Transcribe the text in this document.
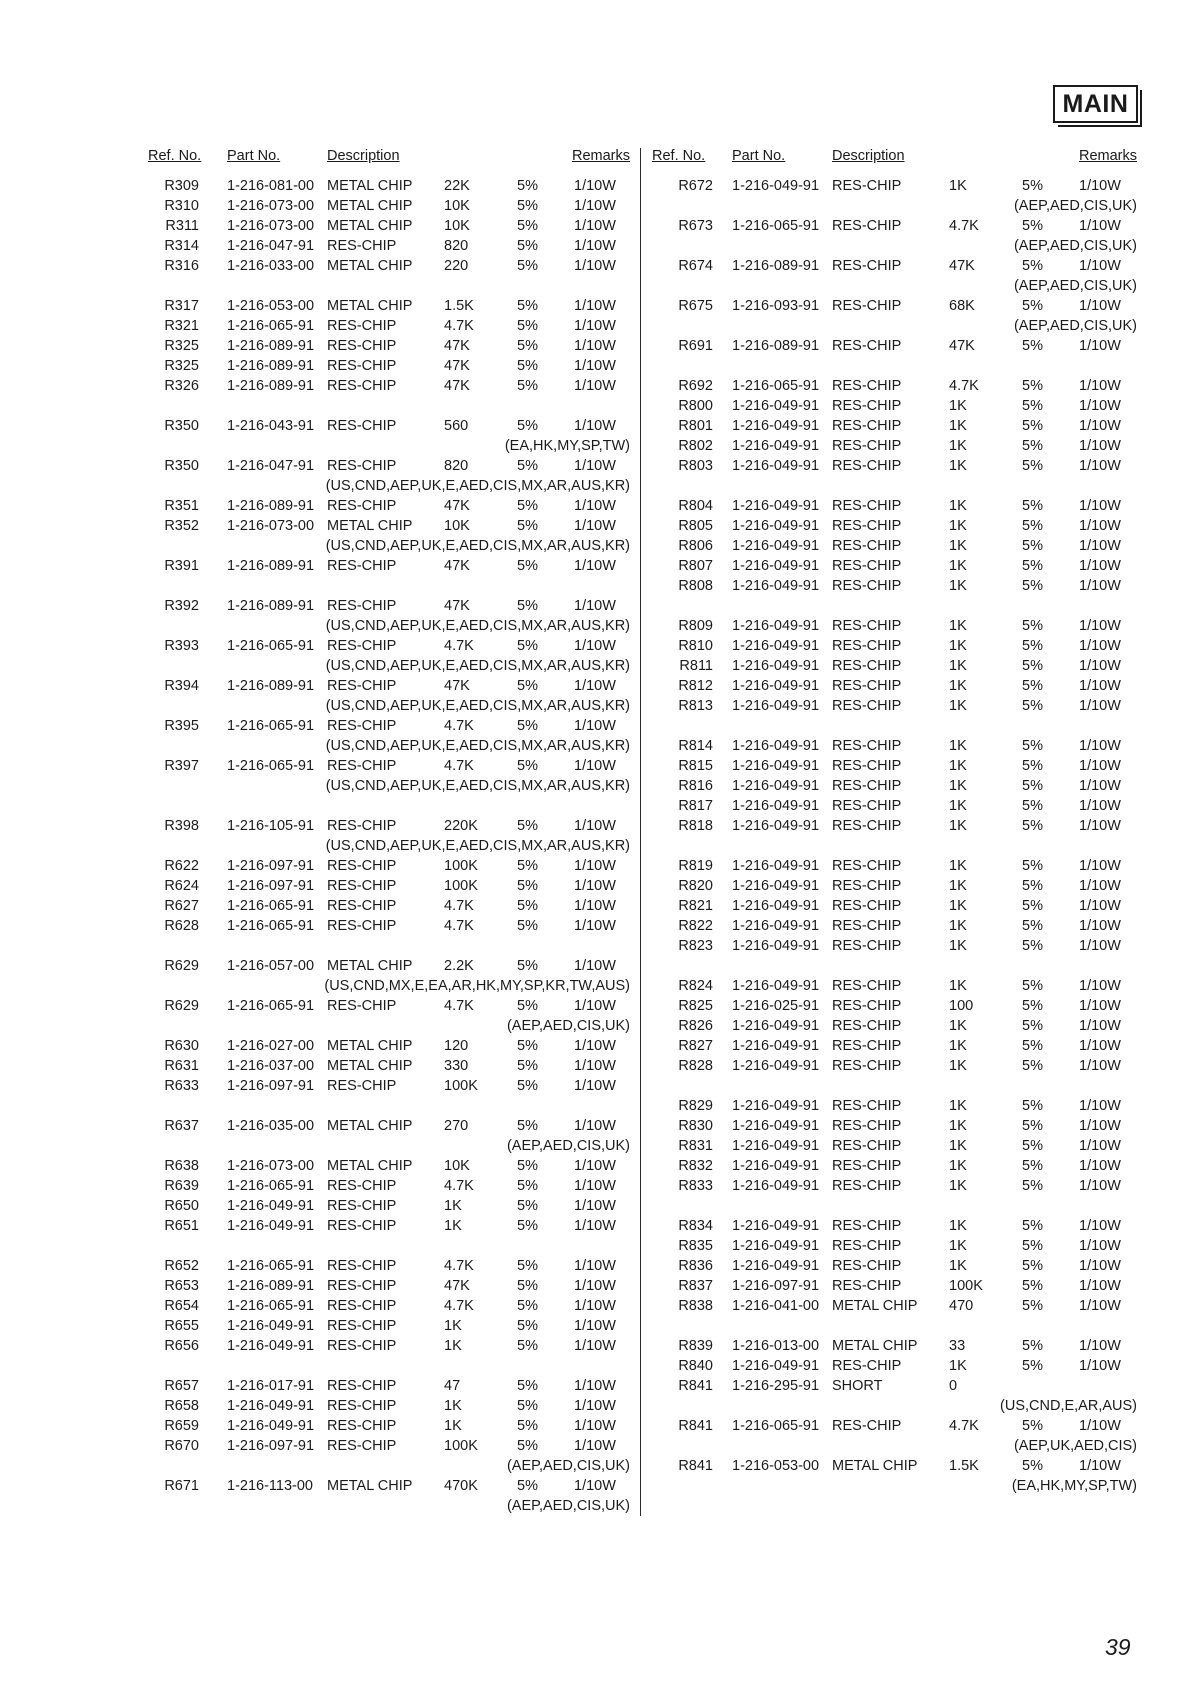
MAIN
Ref. No. Part No.	Description	Remarks
R309 1-216-081-00 METAL CHIP 22K	5% 1/10W
R310 1-216-073-00 METAL CHIP 10K	5% 1/10W
R311 1-216-073-00 METAL CHIP 10K	5% 1/10W
R314 1-216-047-91 RES-CHIP	820	5% 1/10W
R316 1-216-033-00 METAL CHIP 220	5% 1/10W
R317 1-216-053-00 METAL CHIP 1.5K	5% 1/10W
R321 1-216-065-91 RES-CHIP	4.7K	5% 1/10W
R325 1-216-089-91 RES-CHIP	47K	5% 1/10W
R325 1-216-089-91 RES-CHIP	47K	5% 1/10W
R326 1-216-089-91 RES-CHIP	47K	5% 1/10W
R350 1-216-043-91 RES-CHIP	560	5% 1/10W
(EA,HK,MY,SP,TW)
R350 1-216-047-91 RES-CHIP	820	5% 1/10W
(US,CND,AEP,UK,E,AED,CIS,MX,AR,AUS,KR)
R351 1-216-089-91 RES-CHIP	47K	5% 1/10W
R352 1-216-073-00 METAL CHIP 10K	5% 1/10W
(US,CND,AEP,UK,E,AED,CIS,MX,AR,AUS,KR)
R391 1-216-089-91 RES-CHIP	47K	5% 1/10W
R392 1-216-089-91 RES-CHIP	47K	5% 1/10W
(US,CND,AEP,UK,E,AED,CIS,MX,AR,AUS,KR)
R393 1-216-065-91 RES-CHIP	4.7K	5% 1/10W
(US,CND,AEP,UK,E,AED,CIS,MX,AR,AUS,KR)
R394 1-216-089-91 RES-CHIP	47K	5% 1/10W
(US,CND,AEP,UK,E,AED,CIS,MX,AR,AUS,KR)
R395 1-216-065-91 RES-CHIP	4.7K	5% 1/10W
(US,CND,AEP,UK,E,AED,CIS,MX,AR,AUS,KR)
R397 1-216-065-91 RES-CHIP	4.7K	5% 1/10W
(US,CND,AEP,UK,E,AED,CIS,MX,AR,AUS,KR)
R398 1-216-105-91 RES-CHIP	220K	5% 1/10W
(US,CND,AEP,UK,E,AED,CIS,MX,AR,AUS,KR)
R622 1-216-097-91 RES-CHIP	100K	5% 1/10W
R624 1-216-097-91 RES-CHIP	100K	5% 1/10W
R627 1-216-065-91 RES-CHIP	4.7K	5% 1/10W
R628 1-216-065-91 RES-CHIP	4.7K	5% 1/10W
R629 1-216-057-00 METAL CHIP 2.2K	5% 1/10W
(US,CND,MX,E,EA,AR,HK,MY,SP,KR,TW,AUS)
R629 1-216-065-91 RES-CHIP	4.7K	5% 1/10W
(AEP,AED,CIS,UK)
R630 1-216-027-00 METAL CHIP 120	5% 1/10W
R631 1-216-037-00 METAL CHIP 330	5% 1/10W
R633 1-216-097-91 RES-CHIP	100K	5% 1/10W
R637 1-216-035-00 METAL CHIP 270	5% 1/10W
(AEP,AED,CIS,UK)
R638 1-216-073-00 METAL CHIP 10K	5% 1/10W
R639 1-216-065-91 RES-CHIP	4.7K	5% 1/10W
R650 1-216-049-91 RES-CHIP	1K	5% 1/10W
R651 1-216-049-91 RES-CHIP	1K	5% 1/10W
R652 1-216-065-91 RES-CHIP	4.7K	5% 1/10W
R653 1-216-089-91 RES-CHIP	47K	5% 1/10W
R654 1-216-065-91 RES-CHIP	4.7K	5% 1/10W
R655 1-216-049-91 RES-CHIP	1K	5% 1/10W
R656 1-216-049-91 RES-CHIP	1K	5% 1/10W
R657 1-216-017-91 RES-CHIP	47	5% 1/10W
R658 1-216-049-91 RES-CHIP	1K	5% 1/10W
R659 1-216-049-91 RES-CHIP	1K	5% 1/10W
R670 1-216-097-91 RES-CHIP	100K	5% 1/10W
(AEP,AED,CIS,UK)
R671 1-216-113-00 METAL CHIP 470K	5% 1/10W
(AEP,AED,CIS,UK)
Ref. No. Part No.	Description	Remarks
R672 1-216-049-91 RES-CHIP	1K	5% 1/10W
(AEP,AED,CIS,UK)
R673 1-216-065-91 RES-CHIP	4.7K	5% 1/10W
(AEP,AED,CIS,UK)
R674 1-216-089-91 RES-CHIP	47K	5% 1/10W
(AEP,AED,CIS,UK)
R675 1-216-093-91 RES-CHIP	68K	5% 1/10W
(AEP,AED,CIS,UK)
R691 1-216-089-91 RES-CHIP	47K	5% 1/10W
R692 1-216-065-91 RES-CHIP	4.7K	5% 1/10W
R800 1-216-049-91 RES-CHIP	1K	5% 1/10W
R801 1-216-049-91 RES-CHIP	1K	5% 1/10W
R802 1-216-049-91 RES-CHIP	1K	5% 1/10W
R803 1-216-049-91 RES-CHIP	1K	5% 1/10W
R804 1-216-049-91 RES-CHIP	1K	5% 1/10W
R805 1-216-049-91 RES-CHIP	1K	5% 1/10W
R806 1-216-049-91 RES-CHIP	1K	5% 1/10W
R807 1-216-049-91 RES-CHIP	1K	5% 1/10W
R808 1-216-049-91 RES-CHIP	1K	5% 1/10W
R809 1-216-049-91 RES-CHIP	1K	5% 1/10W
R810 1-216-049-91 RES-CHIP	1K	5% 1/10W
R811 1-216-049-91 RES-CHIP	1K	5% 1/10W
R812 1-216-049-91 RES-CHIP	1K	5% 1/10W
R813 1-216-049-91 RES-CHIP	1K	5% 1/10W
R814 1-216-049-91 RES-CHIP	1K	5% 1/10W
R815 1-216-049-91 RES-CHIP	1K	5% 1/10W
R816 1-216-049-91 RES-CHIP	1K	5% 1/10W
R817 1-216-049-91 RES-CHIP	1K	5% 1/10W
R818 1-216-049-91 RES-CHIP	1K	5% 1/10W
R819 1-216-049-91 RES-CHIP	1K	5% 1/10W
R820 1-216-049-91 RES-CHIP	1K	5% 1/10W
R821 1-216-049-91 RES-CHIP	1K	5% 1/10W
R822 1-216-049-91 RES-CHIP	1K	5% 1/10W
R823 1-216-049-91 RES-CHIP	1K	5% 1/10W
R824 1-216-049-91 RES-CHIP	1K	5% 1/10W
R825 1-216-025-91 RES-CHIP	100	5% 1/10W
R826 1-216-049-91 RES-CHIP	1K	5% 1/10W
R827 1-216-049-91 RES-CHIP	1K	5% 1/10W
R828 1-216-049-91 RES-CHIP	1K	5% 1/10W
R829 1-216-049-91 RES-CHIP	1K	5% 1/10W
R830 1-216-049-91 RES-CHIP	1K	5% 1/10W
R831 1-216-049-91 RES-CHIP	1K	5% 1/10W
R832 1-216-049-91 RES-CHIP	1K	5% 1/10W
R833 1-216-049-91 RES-CHIP	1K	5% 1/10W
R834 1-216-049-91 RES-CHIP	1K	5% 1/10W
R835 1-216-049-91 RES-CHIP	1K	5% 1/10W
R836 1-216-049-91 RES-CHIP	1K	5% 1/10W
R837 1-216-097-91 RES-CHIP	100K	5% 1/10W
R838 1-216-041-00 METAL CHIP 470	5% 1/10W
R839 1-216-013-00 METAL CHIP 33	5% 1/10W
R840 1-216-049-91 RES-CHIP	1K	5% 1/10W
R841 1-216-295-91 SHORT	0
(US,CND,E,AR,AUS)
R841 1-216-065-91 RES-CHIP	4.7K	5% 1/10W
(AEP,UK,AED,CIS)
R841 1-216-053-00 METAL CHIP 1.5K	5% 1/10W
(EA,HK,MY,SP,TW)
39
